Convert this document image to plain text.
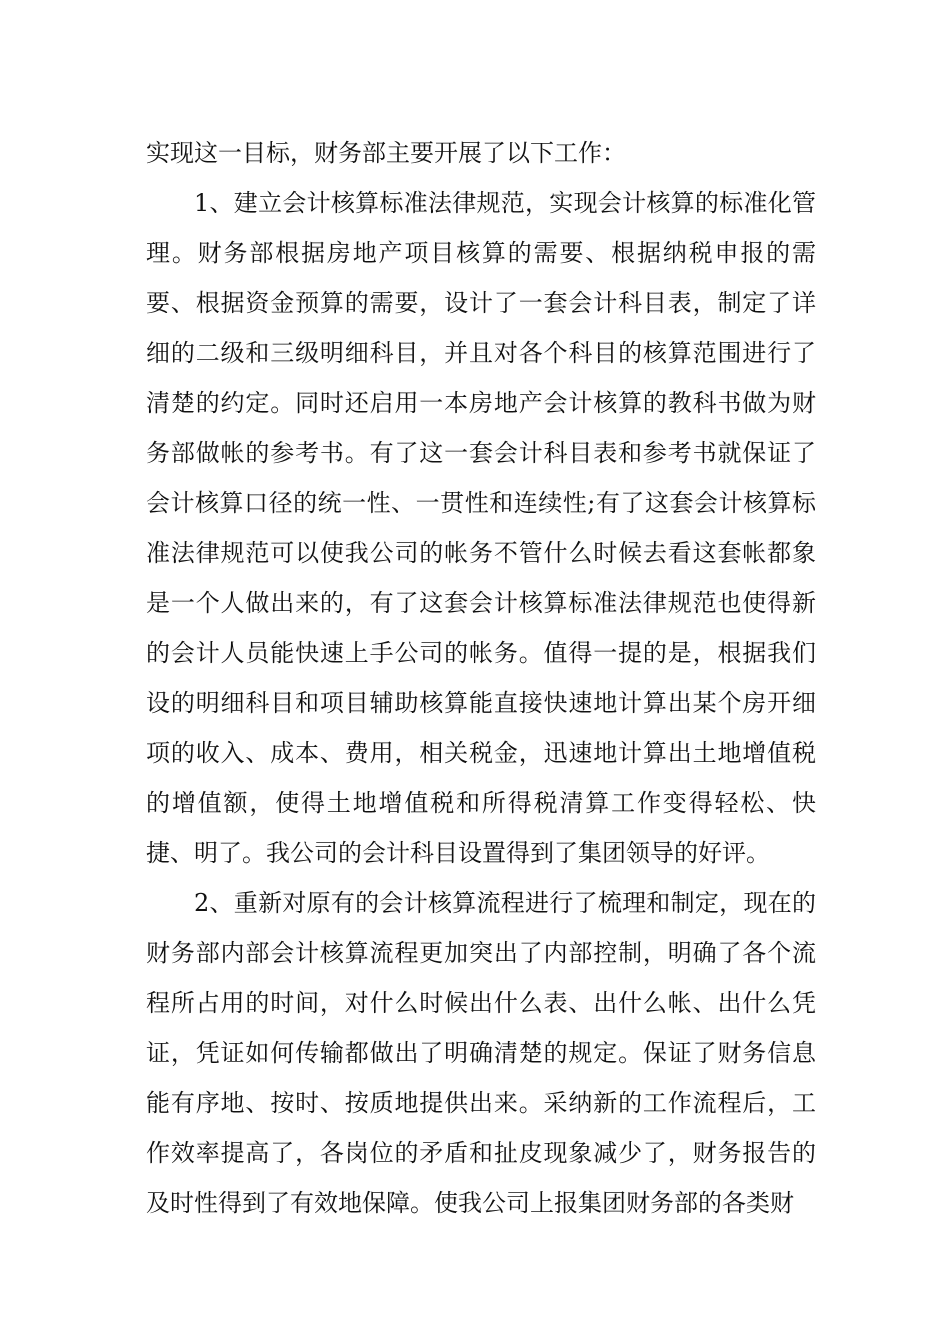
实现这一目标，财务部主要开展了以下工作：

1、建立会计核算标准法律规范，实现会计核算的标准化管理。财务部根据房地产项目核算的需要、根据纳税申报的需要、根据资金预算的需要，设计了一套会计科目表，制定了详细的二级和三级明细科目，并且对各个科目的核算范围进行了清楚的约定。同时还启用一本房地产会计核算的教科书做为财务部做帐的参考书。有了这一套会计科目表和参考书就保证了会计核算口径的统一性、一贯性和连续性;有了这套会计核算标准法律规范可以使我公司的帐务不管什么时候去看这套帐都象是一个人做出来的，有了这套会计核算标准法律规范也使得新的会计人员能快速上手公司的帐务。值得一提的是，根据我们设的明细科目和项目辅助核算能直接快速地计算出某个房开细项的收入、成本、费用，相关税金，迅速地计算出土地增值税的增值额，使得土地增值税和所得税清算工作变得轻松、快捷、明了。我公司的会计科目设置得到了集团领导的好评。

2、重新对原有的会计核算流程进行了梳理和制定，现在的财务部内部会计核算流程更加突出了内部控制，明确了各个流程所占用的时间，对什么时候出什么表、出什么帐、出什么凭证，凭证如何传输都做出了明确清楚的规定。保证了财务信息能有序地、按时、按质地提供出来。采纳新的工作流程后，工作效率提高了，各岗位的矛盾和扯皮现象减少了，财务报告的及时性得到了有效地保障。使我公司上报集团财务部的各类财
